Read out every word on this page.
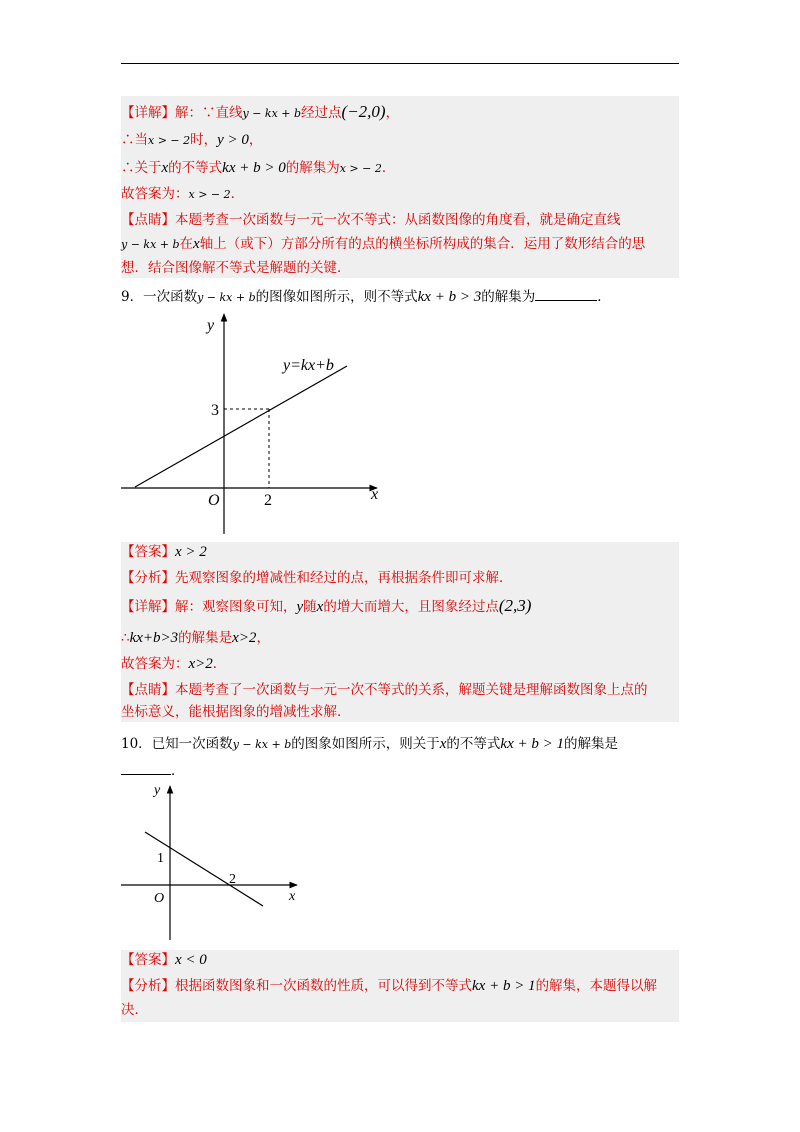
【详解】解：∵直线y − kx + b经过点(−2,0)，
∴当x > − 2时，y > 0，
∴关于x的不等式kx + b > 0的解集为x > − 2．
故答案为：x > − 2．
【点睛】本题考查一次函数与一元一次不等式：从函数图像的角度看，就是确定直线
y − kx + b在x轴上（或下）方部分所有的点的横坐标所构成的集合．运用了数形结合的思
想．结合图像解不等式是解题的关键．
9．一次函数y − kx + b的图像如图所示，则不等式kx + b > 3的解集为	．
y
x
O
3
2
y=kx+b
【答案】x > 2
【分析】先观察图象的增减性和经过的点，再根据条件即可求解．
【详解】解：观察图象可知，y随x的增大而增大，且图象经过点(2,3)
∴kx+b>3的解集是x>2，
故答案为：x>2．
【点睛】本题考查了一次函数与一元一次不等式的关系，解题关键是理解函数图象上点的
坐标意义，能根据图象的增减性求解．
10．已知一次函数y − kx + b的图象如图所示，则关于x的不等式kx + b > 1的解集是
．
y
x
O
1
2
【答案】x < 0
【分析】根据函数图象和一次函数的性质，可以得到不等式kx + b > 1的解集，本题得以解
决．
